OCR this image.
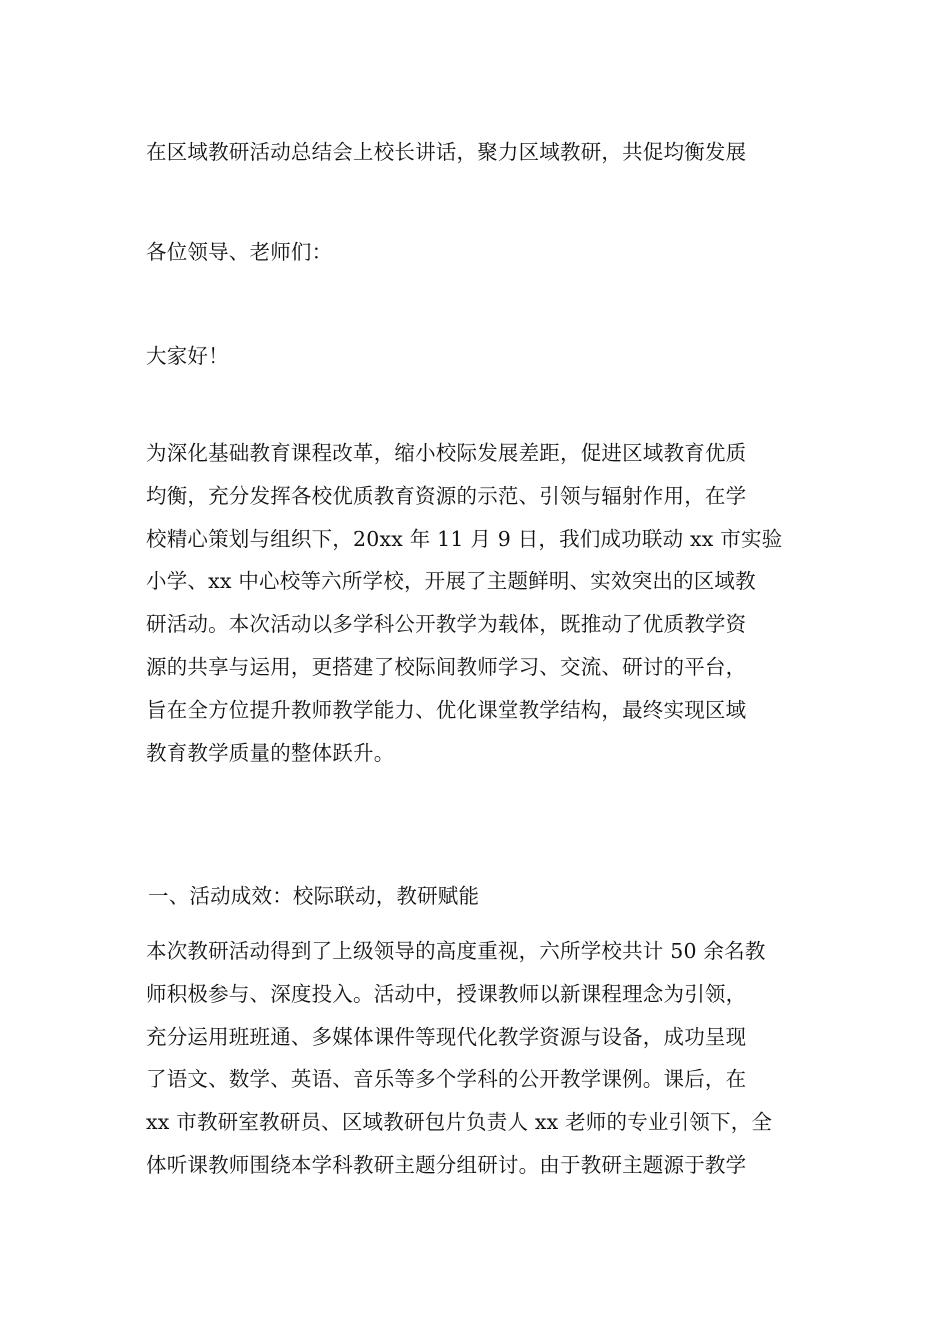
在区域教研活动总结会上校长讲话，聚力区域教研，共促均衡发展
各位领导、老师们：
大家好！
为深化基础教育课程改革，缩小校际发展差距，促进区域教育优质
均衡，充分发挥各校优质教育资源的示范、引领与辐射作用，在学
校精心策划与组织下，20xx 年 11 月 9 日，我们成功联动 xx 市实验
小学、xx 中心校等六所学校，开展了主题鲜明、实效突出的区域教
研活动。本次活动以多学科公开教学为载体，既推动了优质教学资
源的共享与运用，更搭建了校际间教师学习、交流、研讨的平台，
旨在全方位提升教师教学能力、优化课堂教学结构，最终实现区域
教育教学质量的整体跃升。
一、活动成效：校际联动，教研赋能
本次教研活动得到了上级领导的高度重视，六所学校共计 50 余名教
师积极参与、深度投入。活动中，授课教师以新课程理念为引领，
充分运用班班通、多媒体课件等现代化教学资源与设备，成功呈现
了语文、数学、英语、音乐等多个学科的公开教学课例。课后，在
xx 市教研室教研员、区域教研包片负责人 xx 老师的专业引领下，全
体听课教师围绕本学科教研主题分组研讨。由于教研主题源于教学
